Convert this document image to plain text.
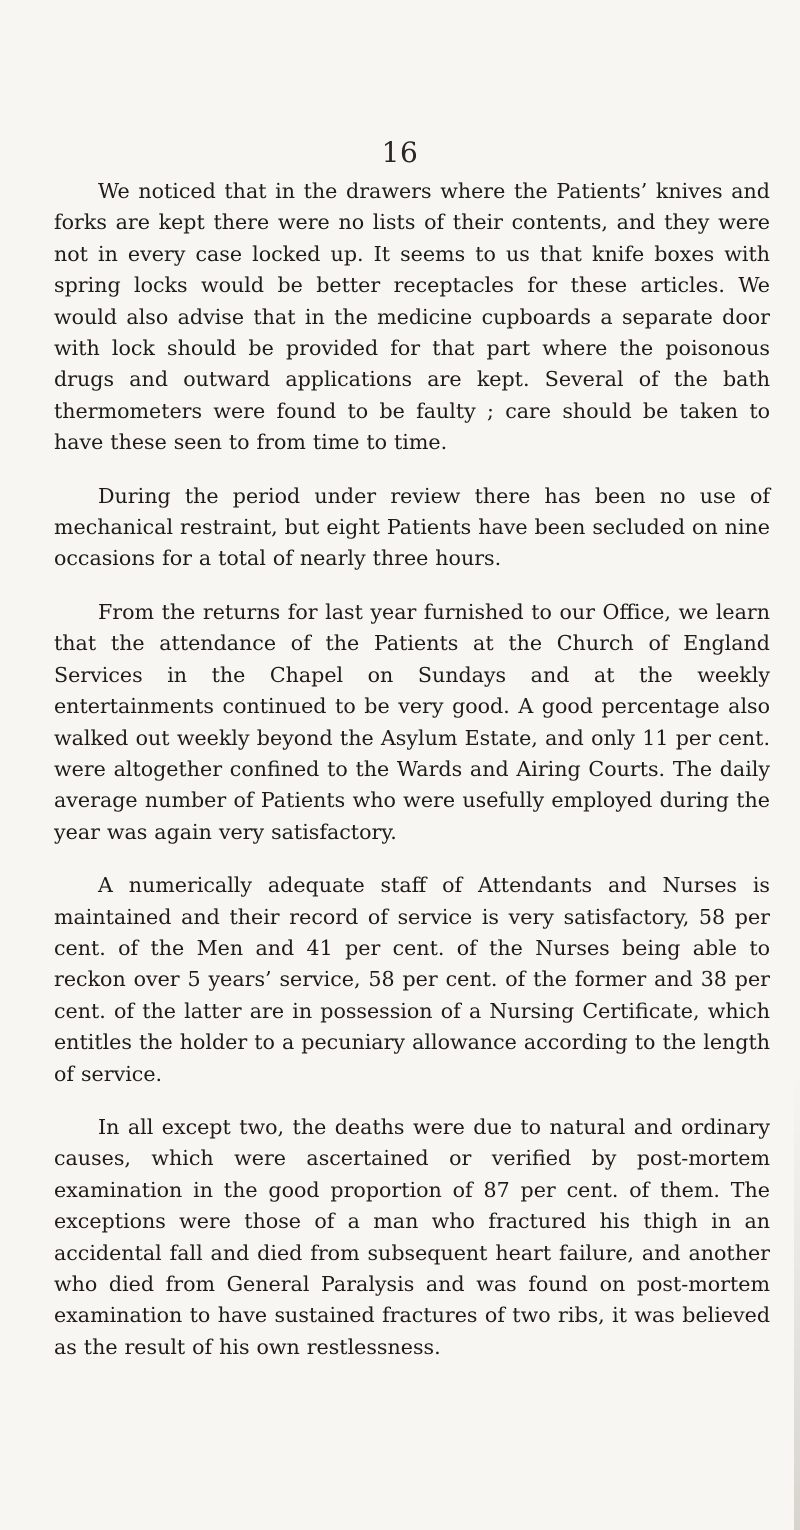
16

We noticed that in the drawers where the Patients’ knives and forks are kept there were no lists of their contents, and they were not in every case locked up. It seems to us that knife boxes with spring locks would be better receptacles for these articles. We would also advise that in the medicine cupboards a separate door with lock should be provided for that part where the poisonous drugs and outward applications are kept. Several of the bath thermometers were found to be faulty ; care should be taken to have these seen to from time to time.

During the period under review there has been no use of mechanical restraint, but eight Patients have been secluded on nine occasions for a total of nearly three hours.

From the returns for last year furnished to our Office, we learn that the attendance of the Patients at the Church of England Services in the Chapel on Sundays and at the weekly entertainments continued to be very good. A good percentage also walked out weekly beyond the Asylum Estate, and only 11 per cent. were altogether confined to the Wards and Airing Courts. The daily average number of Patients who were usefully employed during the year was again very satisfactory.

A numerically adequate staff of Attendants and Nurses is maintained and their record of service is very satisfactory, 58 per cent. of the Men and 41 per cent. of the Nurses being able to reckon over 5 years’ service, 58 per cent. of the former and 38 per cent. of the latter are in possession of a Nursing Certificate, which entitles the holder to a pecuniary allowance according to the length of service.

In all except two, the deaths were due to natural and ordinary causes, which were ascertained or verified by post-mortem examination in the good proportion of 87 per cent. of them. The exceptions were those of a man who fractured his thigh in an accidental fall and died from subsequent heart failure, and another who died from General Paralysis and was found on post-mortem examination to have sustained fractures of two ribs, it was believed as the result of his own restlessness.
